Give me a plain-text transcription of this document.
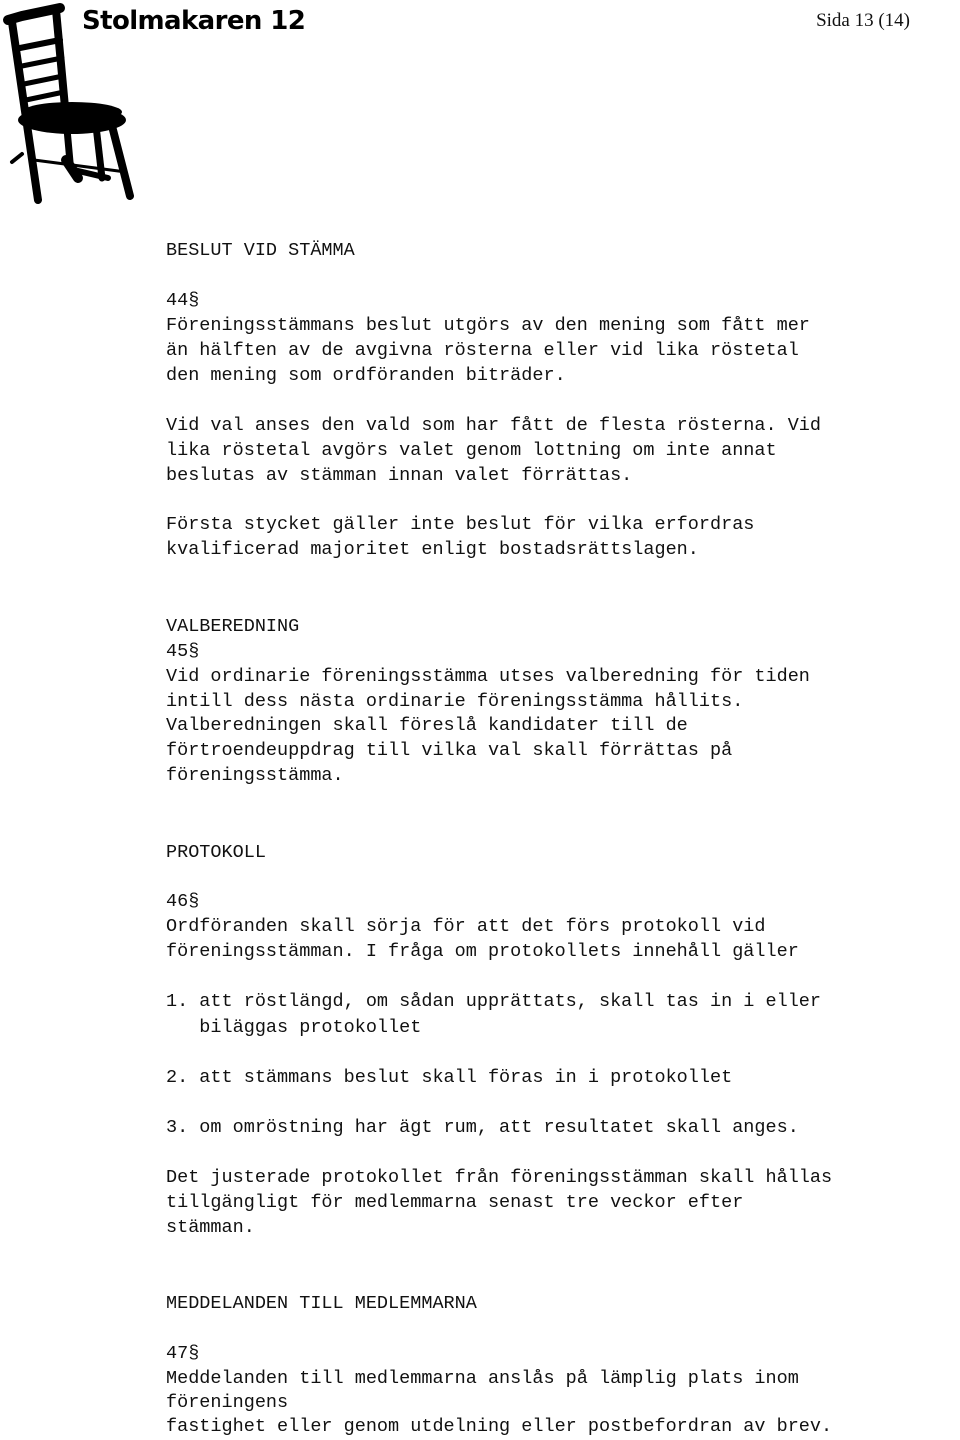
Stolmakaren 12	Sida 13 (14)
BESLUT VID STÄMMA
44§
Föreningsstämmans beslut utgörs av den mening som fått mer
än hälften av de avgivna rösterna eller vid lika röstetal
den mening som ordföranden biträder.
Vid val anses den vald som har fått de flesta rösterna. Vid
lika röstetal avgörs valet genom lottning om inte annat
beslutas av stämman innan valet förrättas.
Första stycket gäller inte beslut för vilka erfordras
kvalificerad majoritet enligt bostadsrättslagen.
VALBEREDNING
45§
Vid ordinarie föreningsstämma utses valberedning för tiden
intill dess nästa ordinarie föreningsstämma hållits.
Valberedningen skall föreslå kandidater till de
förtroendeuppdrag till vilka val skall förrättas på
föreningsstämma.
PROTOKOLL
46§
Ordföranden skall sörja för att det förs protokoll vid
föreningsstämman. I fråga om protokollets innehåll gäller
1. att röstlängd, om sådan upprättats, skall tas in i eller
biläggas protokollet
2. att stämmans beslut skall föras in i protokollet
3. om omröstning har ägt rum, att resultatet skall anges.
Det justerade protokollet från föreningsstämman skall hållas
tillgängligt för medlemmarna senast tre veckor efter
stämman.
MEDDELANDEN TILL MEDLEMMARNA
47§
Meddelanden till medlemmarna anslås på lämplig plats inom
föreningens
fastighet eller genom utdelning eller postbefordran av brev.
